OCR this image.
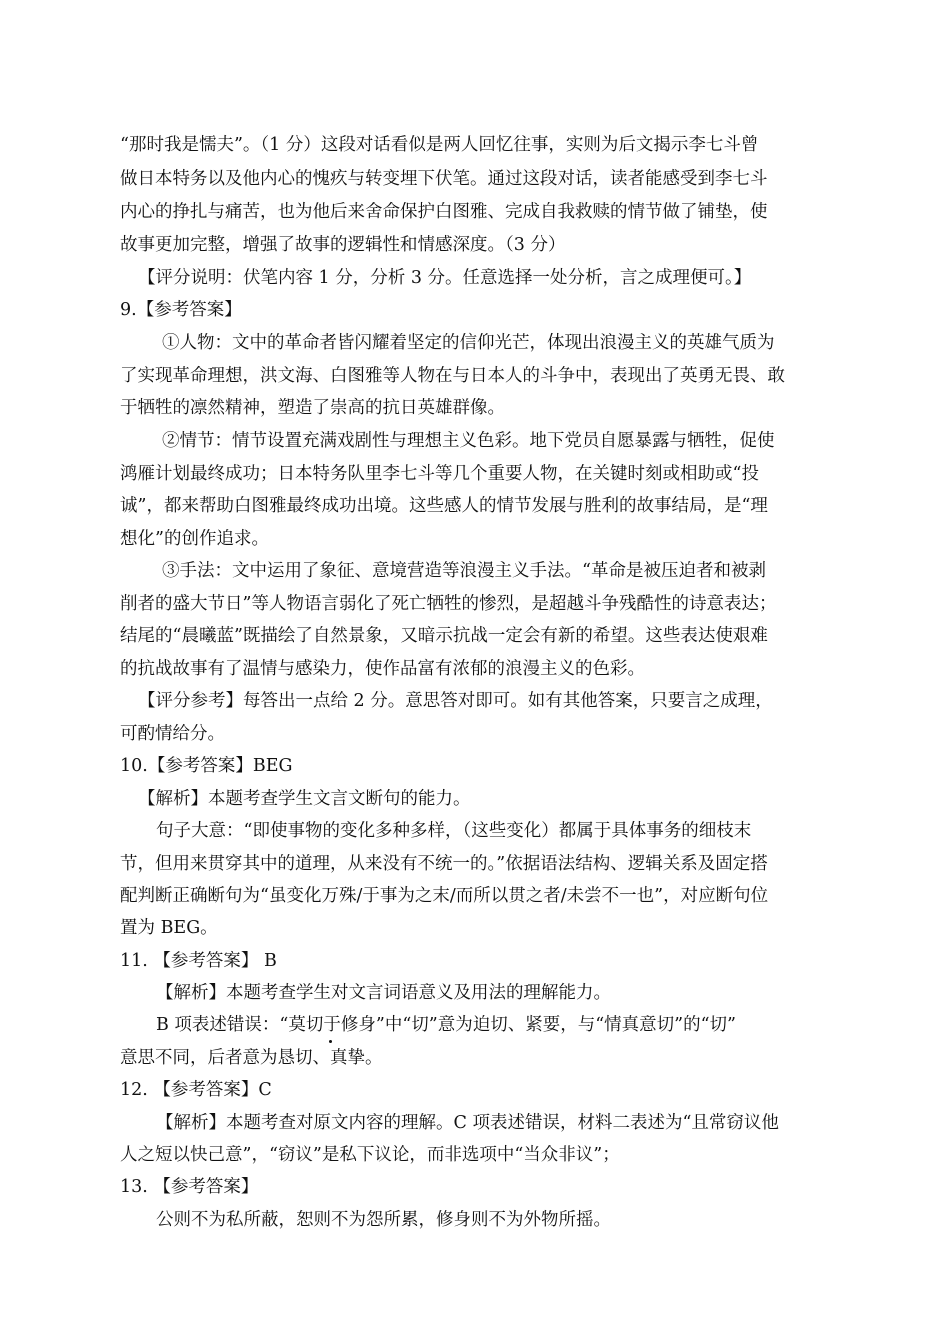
“那时我是懦夫”。（1 分）这段对话看似是两人回忆往事，实则为后文揭示李七斗曾
做日本特务以及他内心的愧疚与转变埋下伏笔。通过这段对话，读者能感受到李七斗
内心的挣扎与痛苦，也为他后来舍命保护白图雅、完成自我救赎的情节做了铺垫，使
故事更加完整，增强了故事的逻辑性和情感深度。（3 分）
【评分说明：伏笔内容 1 分，分析 3 分。任意选择一处分析，言之成理便可。】
9.【参考答案】
①人物：文中的革命者皆闪耀着坚定的信仰光芒，体现出浪漫主义的英雄气质为
了实现革命理想，洪文海、白图雅等人物在与日本人的斗争中，表现出了英勇无畏、敢
于牺牲的凛然精神，塑造了崇高的抗日英雄群像。
②情节：情节设置充满戏剧性与理想主义色彩。地下党员自愿暴露与牺牲，促使
鸿雁计划最终成功；日本特务队里李七斗等几个重要人物，在关键时刻或相助或“投
诚”，都来帮助白图雅最终成功出境。这些感人的情节发展与胜利的故事结局，是“理
想化”的创作追求。
③手法：文中运用了象征、意境营造等浪漫主义手法。“革命是被压迫者和被剥
削者的盛大节日”等人物语言弱化了死亡牺牲的惨烈，是超越斗争残酷性的诗意表达；
结尾的“晨曦蓝”既描绘了自然景象，又暗示抗战一定会有新的希望。这些表达使艰难
的抗战故事有了温情与感染力，使作品富有浓郁的浪漫主义的色彩。
【评分参考】每答出一点给 2 分。意思答对即可。如有其他答案，只要言之成理，
可酌情给分。
10.【参考答案】BEG
【解析】本题考查学生文言文断句的能力。
句子大意：“即使事物的变化多种多样，（这些变化）都属于具体事务的细枝末
节，但用来贯穿其中的道理，从来没有不统一的。”依据语法结构、逻辑关系及固定搭
配判断正确断句为“虽变化万殊/于事为之末/而所以贯之者/未尝不一也”，对应断句位
置为 BEG。
11. 【参考答案】 B
【解析】本题考查学生对文言词语意义及用法的理解能力。
B 项表述错误：“莫切于修身”中“切”意为迫切、紧要，与“情真意切”的“切”
意思不同，后者意为恳切、真挚。
12. 【参考答案】C
【解析】本题考查对原文内容的理解。C 项表述错误，材料二表述为“且常窃议他
人之短以快己意”，“窃议”是私下议论，而非选项中“当众非议”；
13. 【参考答案】
公则不为私所蔽，恕则不为怨所累，修身则不为外物所摇。
